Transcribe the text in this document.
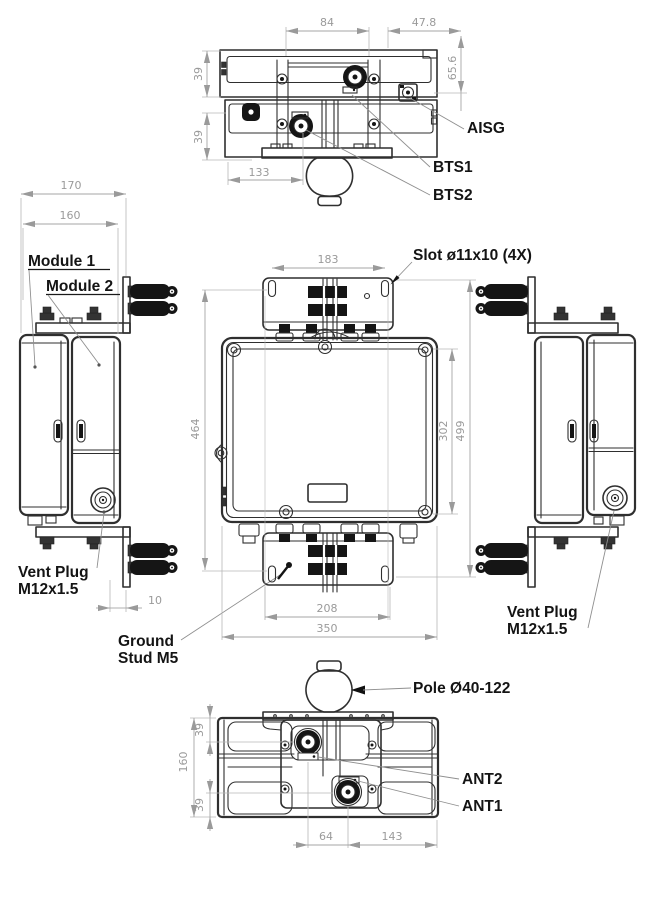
84	47.8
65.6
39
39
133
AISG
BTS1
BTS2
170
160
10
Module 1
Module 2
Vent Plug
M12x1.5
Ground
Stud M5
183
464	302 499
208
350
Slot ø11x10 (4X)
Vent Plug
M12x1.5
160
39
39
64	143
Pole Ø40-122
ANT2
ANT1
